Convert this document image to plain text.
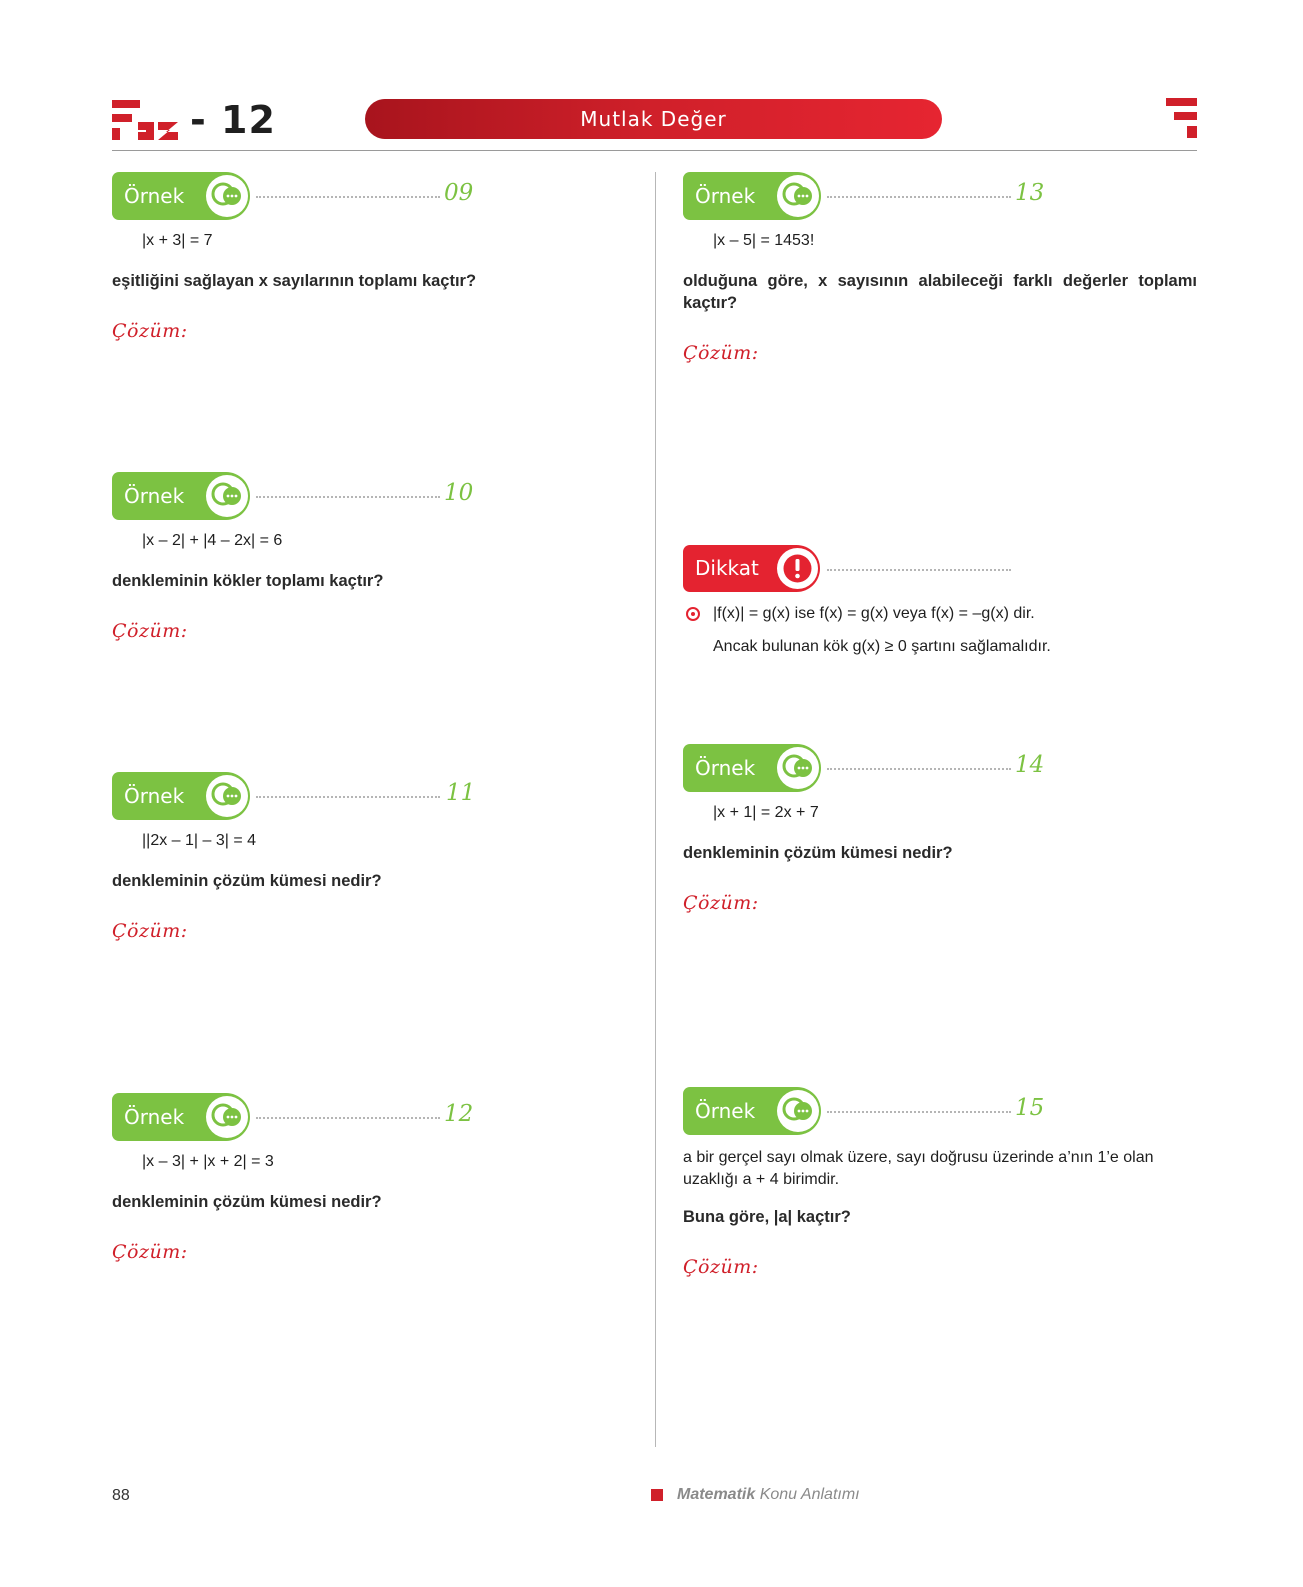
- 12	Mutlak Değer
Örnek	09
|x + 3| = 7
eşitliğini sağlayan x sayılarının toplamı kaçtır?
Çözüm:
Örnek	10
|x – 2| + |4 – 2x| = 6
denkleminin kökler toplamı kaçtır?
Çözüm:
Örnek	11
||2x – 1| – 3| = 4
denkleminin çözüm kümesi nedir?
Çözüm:
Örnek	12
|x – 3| + |x + 2| = 3
denkleminin çözüm kümesi nedir?
Çözüm:
Örnek	13
|x – 5| = 1453!
olduğuna göre, x sayısının alabileceği farklı değerler toplamı kaçtır?
Çözüm:
Dikkat
|f(x)| = g(x) ise f(x) = g(x) veya f(x) = –g(x) dir.
Ancak bulunan kök g(x) ≥ 0 şartını sağlamalıdır.
Örnek	14
|x + 1| = 2x + 7
denkleminin çözüm kümesi nedir?
Çözüm:
Örnek	15
a bir gerçel sayı olmak üzere, sayı doğrusu üzerinde a’nın 1’e olan uzaklığı a + 4 birimdir.
Buna göre, |a| kaçtır?
Çözüm:
88	Matematik Konu Anlatımı
